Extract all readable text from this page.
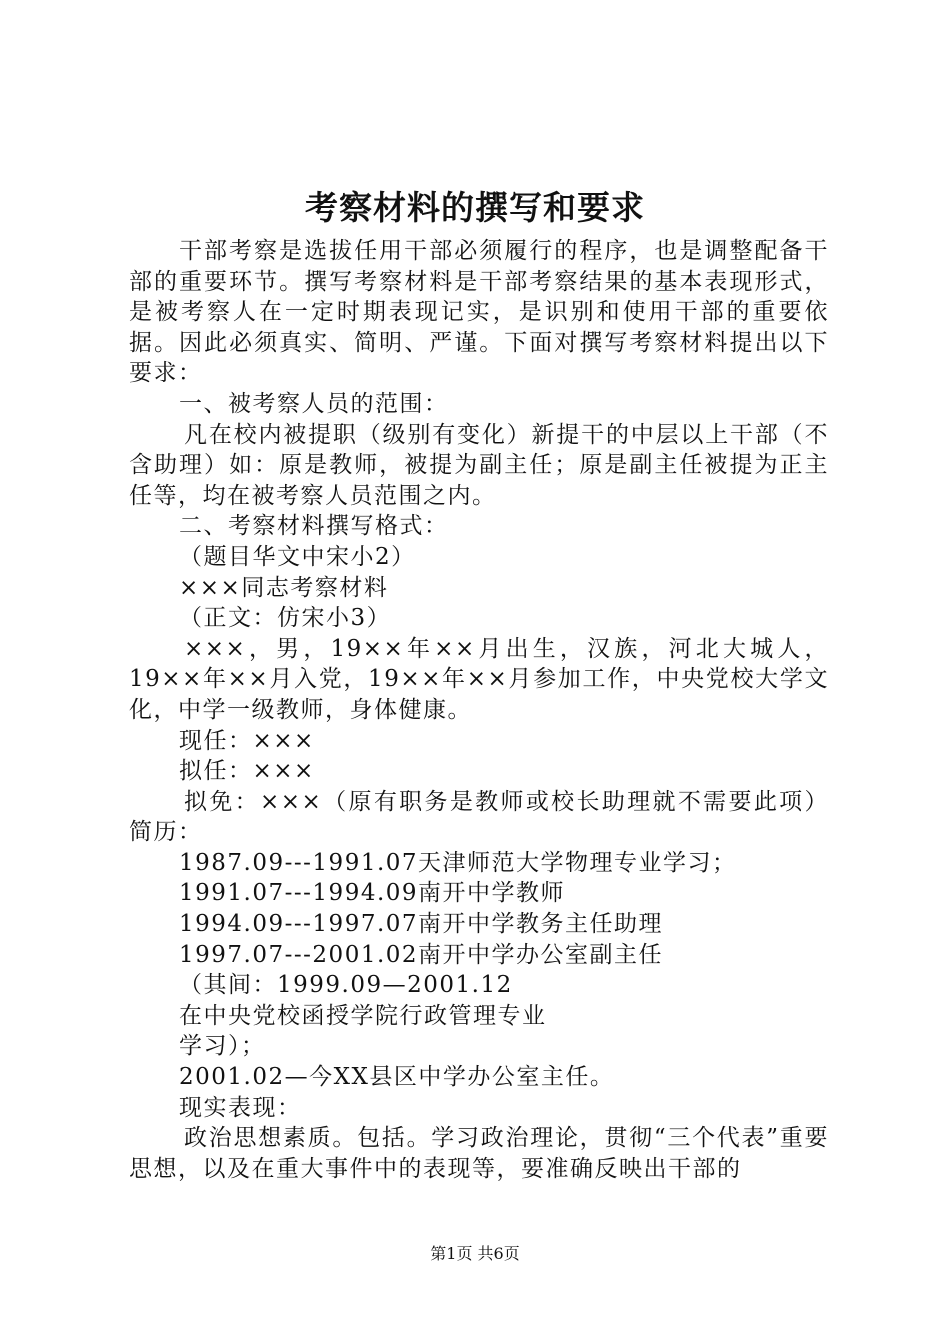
考察材料的撰写和要求

干部考察是选拔任用干部必须履行的程序，也是调整配备干部的重要环节。撰写考察材料是干部考察结果的基本表现形式，是被考察人在一定时期表现记实，是识别和使用干部的重要依据。因此必须真实、简明、严谨。下面对撰写考察材料提出以下要求：

一、被考察人员的范围：

凡在校内被提职（级别有变化）新提干的中层以上干部（不含助理）如：原是教师，被提为副主任；原是副主任被提为正主任等，均在被考察人员范围之内。

二、考察材料撰写格式：

（题目华文中宋小2）

×××同志考察材料

（正文：仿宋小3）

×××，男，19××年××月出生，汉族，河北大城人，19××年××月入党，19××年××月参加工作，中央党校大学文化，中学一级教师，身体健康。

现任：×××

拟任：×××

拟免：×××（原有职务是教师或校长助理就不需要此项）简历：

1987.09---1991.07天津师范大学物理专业学习；

1991.07---1994.09南开中学教师

1994.09---1997.07南开中学教务主任助理

1997.07---2001.02南开中学办公室副主任

（其间：1999.09—2001.12

在中央党校函授学院行政管理专业

学习）；

2001.02—今XX县区中学办公室主任。

现实表现：

政治思想素质。包括。学习政治理论，贯彻“三个代表”重要思想，以及在重大事件中的表现等，要准确反映出干部的

第1页 共6页
